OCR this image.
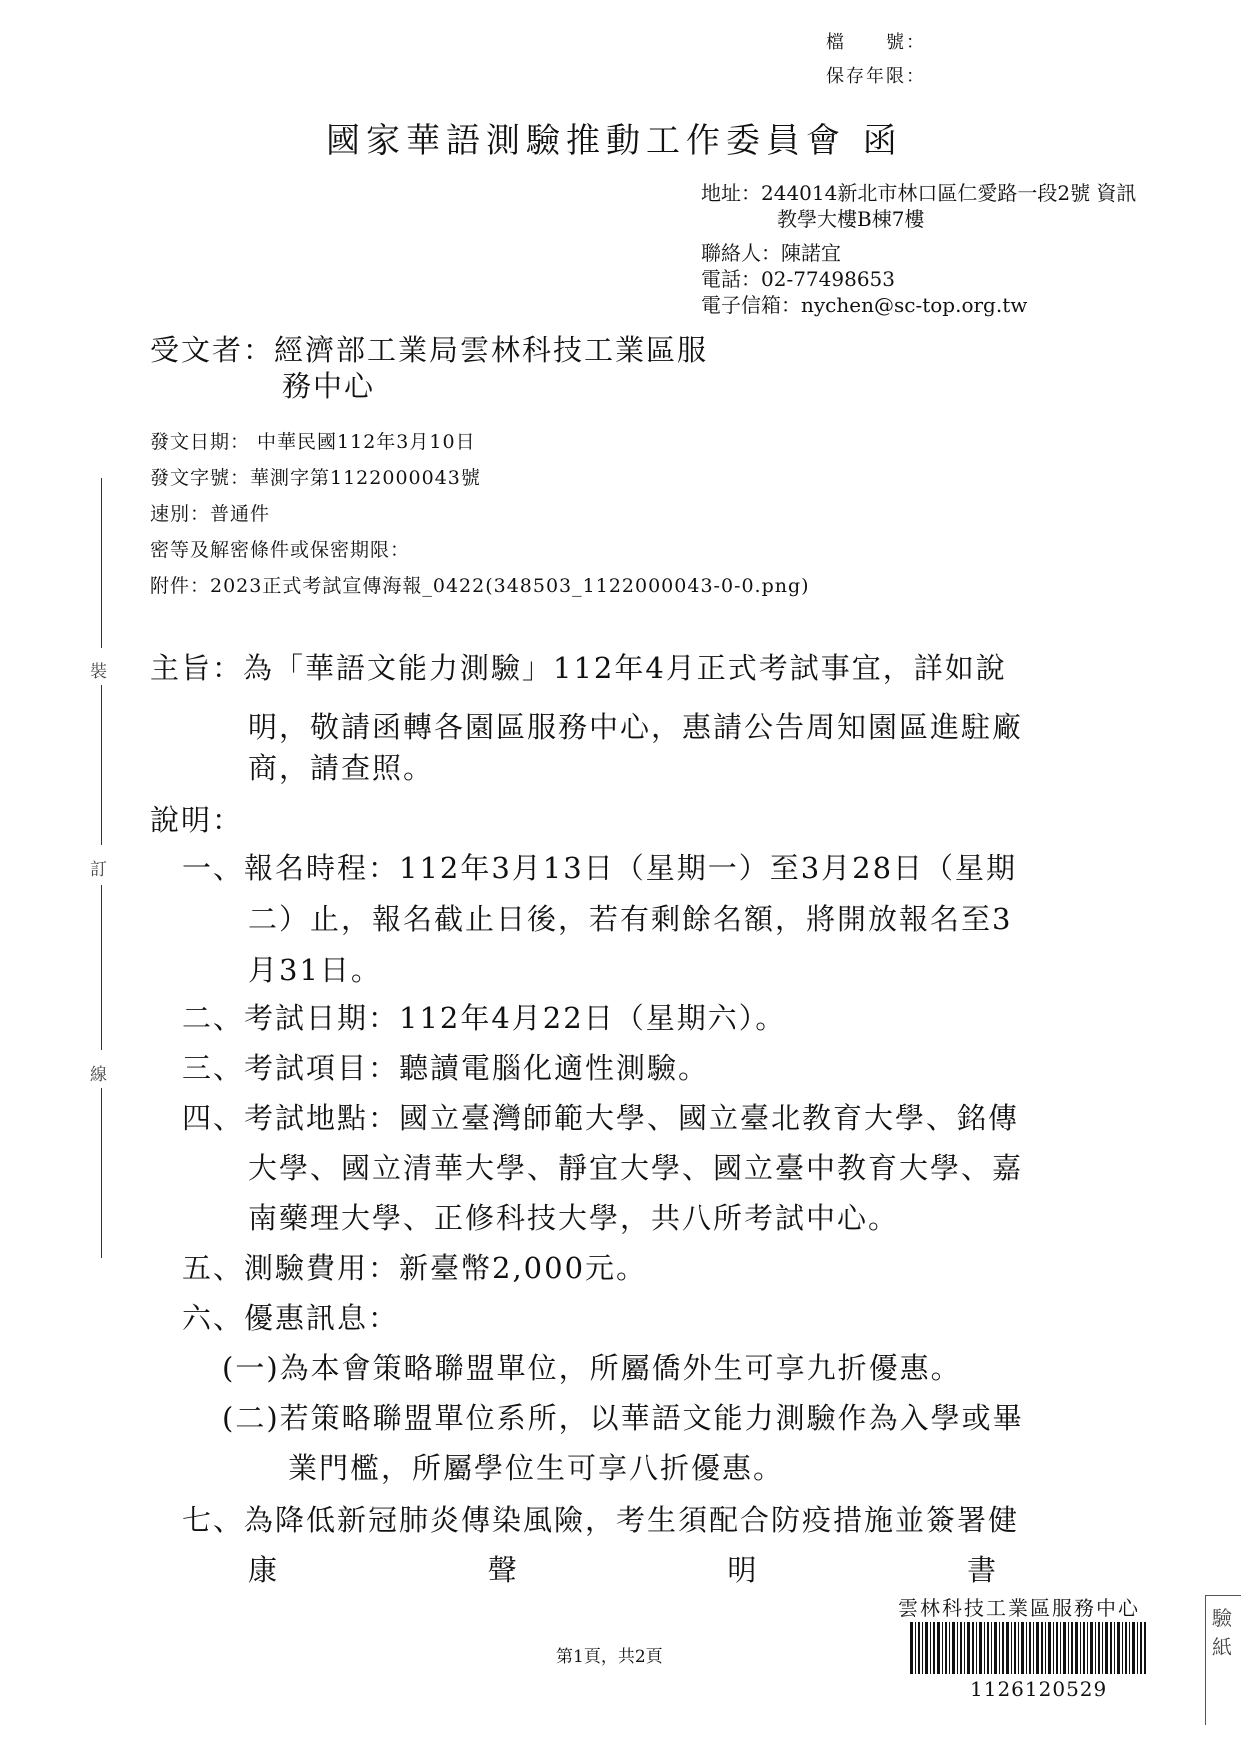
檔　　號：
保存年限：
國家華語測驗推動工作委員會 函
地址：244014新北市林口區仁愛路一段2號 資訊
教學大樓B棟7樓
聯絡人：陳諾宜
電話：02-77498653
電子信箱：nychen@sc-top.org.tw
受文者：經濟部工業局雲林科技工業區服
務中心
發文日期： 中華民國112年3月10日
發文字號：華測字第1122000043號
速別：普通件
密等及解密條件或保密期限：
附件：2023正式考試宣傳海報_0422(348503_1122000043-0-0.png)
裝
訂
線
主旨：為「華語文能力測驗」112年4月正式考試事宜，詳如說
明，敬請函轉各園區服務中心，惠請公告周知園區進駐廠
商，請查照。
說明：
一、報名時程：112年3月13日（星期一）至3月28日（星期
二）止，報名截止日後，若有剩餘名額，將開放報名至3
月31日。
二、考試日期：112年4月22日（星期六）。
三、考試項目：聽讀電腦化適性測驗。
四、考試地點：國立臺灣師範大學、國立臺北教育大學、銘傳
大學、國立清華大學、靜宜大學、國立臺中教育大學、嘉
南藥理大學、正修科技大學，共八所考試中心。
五、測驗費用：新臺幣2,000元。
六、優惠訊息：
(一)為本會策略聯盟單位，所屬僑外生可享九折優惠。
(二)若策略聯盟單位系所，以華語文能力測驗作為入學或畢
業門檻，所屬學位生可享八折優惠。
七、為降低新冠肺炎傳染風險，考生須配合防疫措施並簽署健
康	聲	明	書
驗 紙
雲林科技工業區服務中心
1126120529
第1頁，共2頁
